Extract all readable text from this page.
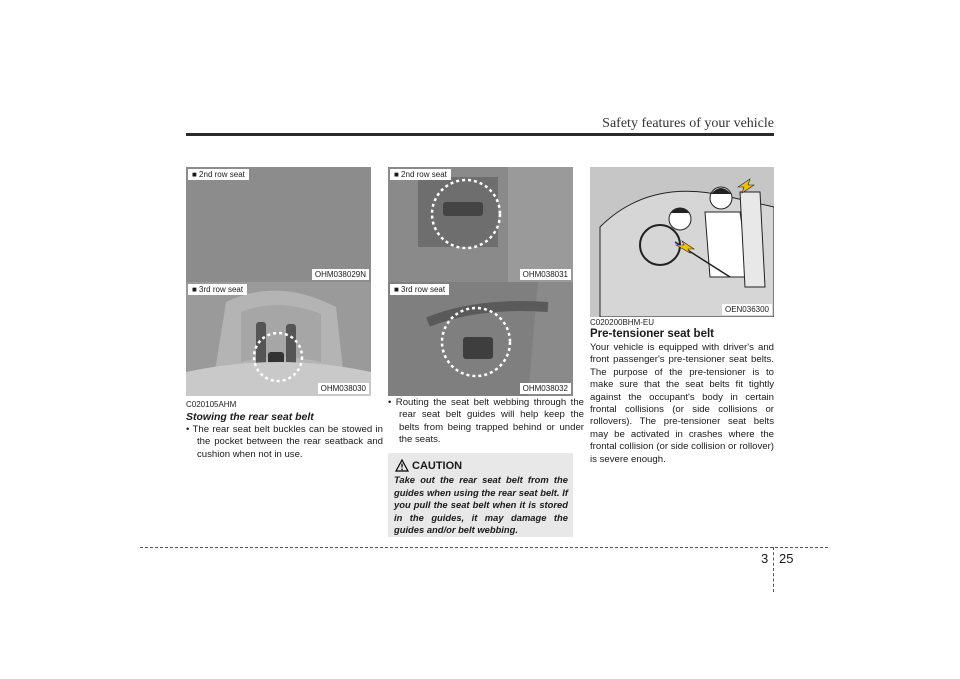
Safety features of your vehicle
■ 2nd row seat
OHM038029N
■ 3rd row seat
OHM038030
C020105AHM
Stowing the rear seat belt
• The rear seat belt buckles can be stowed in the pocket between the rear seatback and cushion when not in use.
■ 2nd row seat
OHM038031
■ 3rd row seat
OHM038032
• Routing the seat belt webbing through the rear seat belt guides will help keep the belts from being trapped behind or under the seats.
CAUTION
Take out the rear seat belt from the guides when using the rear seat belt. If you pull the seat belt when it is stored in the guides, it may damage the guides and/or belt webbing.
OEN036300
C020200BHM-EU
Pre-tensioner seat belt
Your vehicle is equipped with driver's and front passenger's pre-tensioner seat belts. The purpose of the pre-tensioner is to make sure that the seat belts fit tightly against the occupant's body in certain frontal collisions (or side collisions or rollovers). The pre-tensioner seat belts may be activated in crashes where the frontal collision (or side collision or rollover) is severe enough.
3 25
